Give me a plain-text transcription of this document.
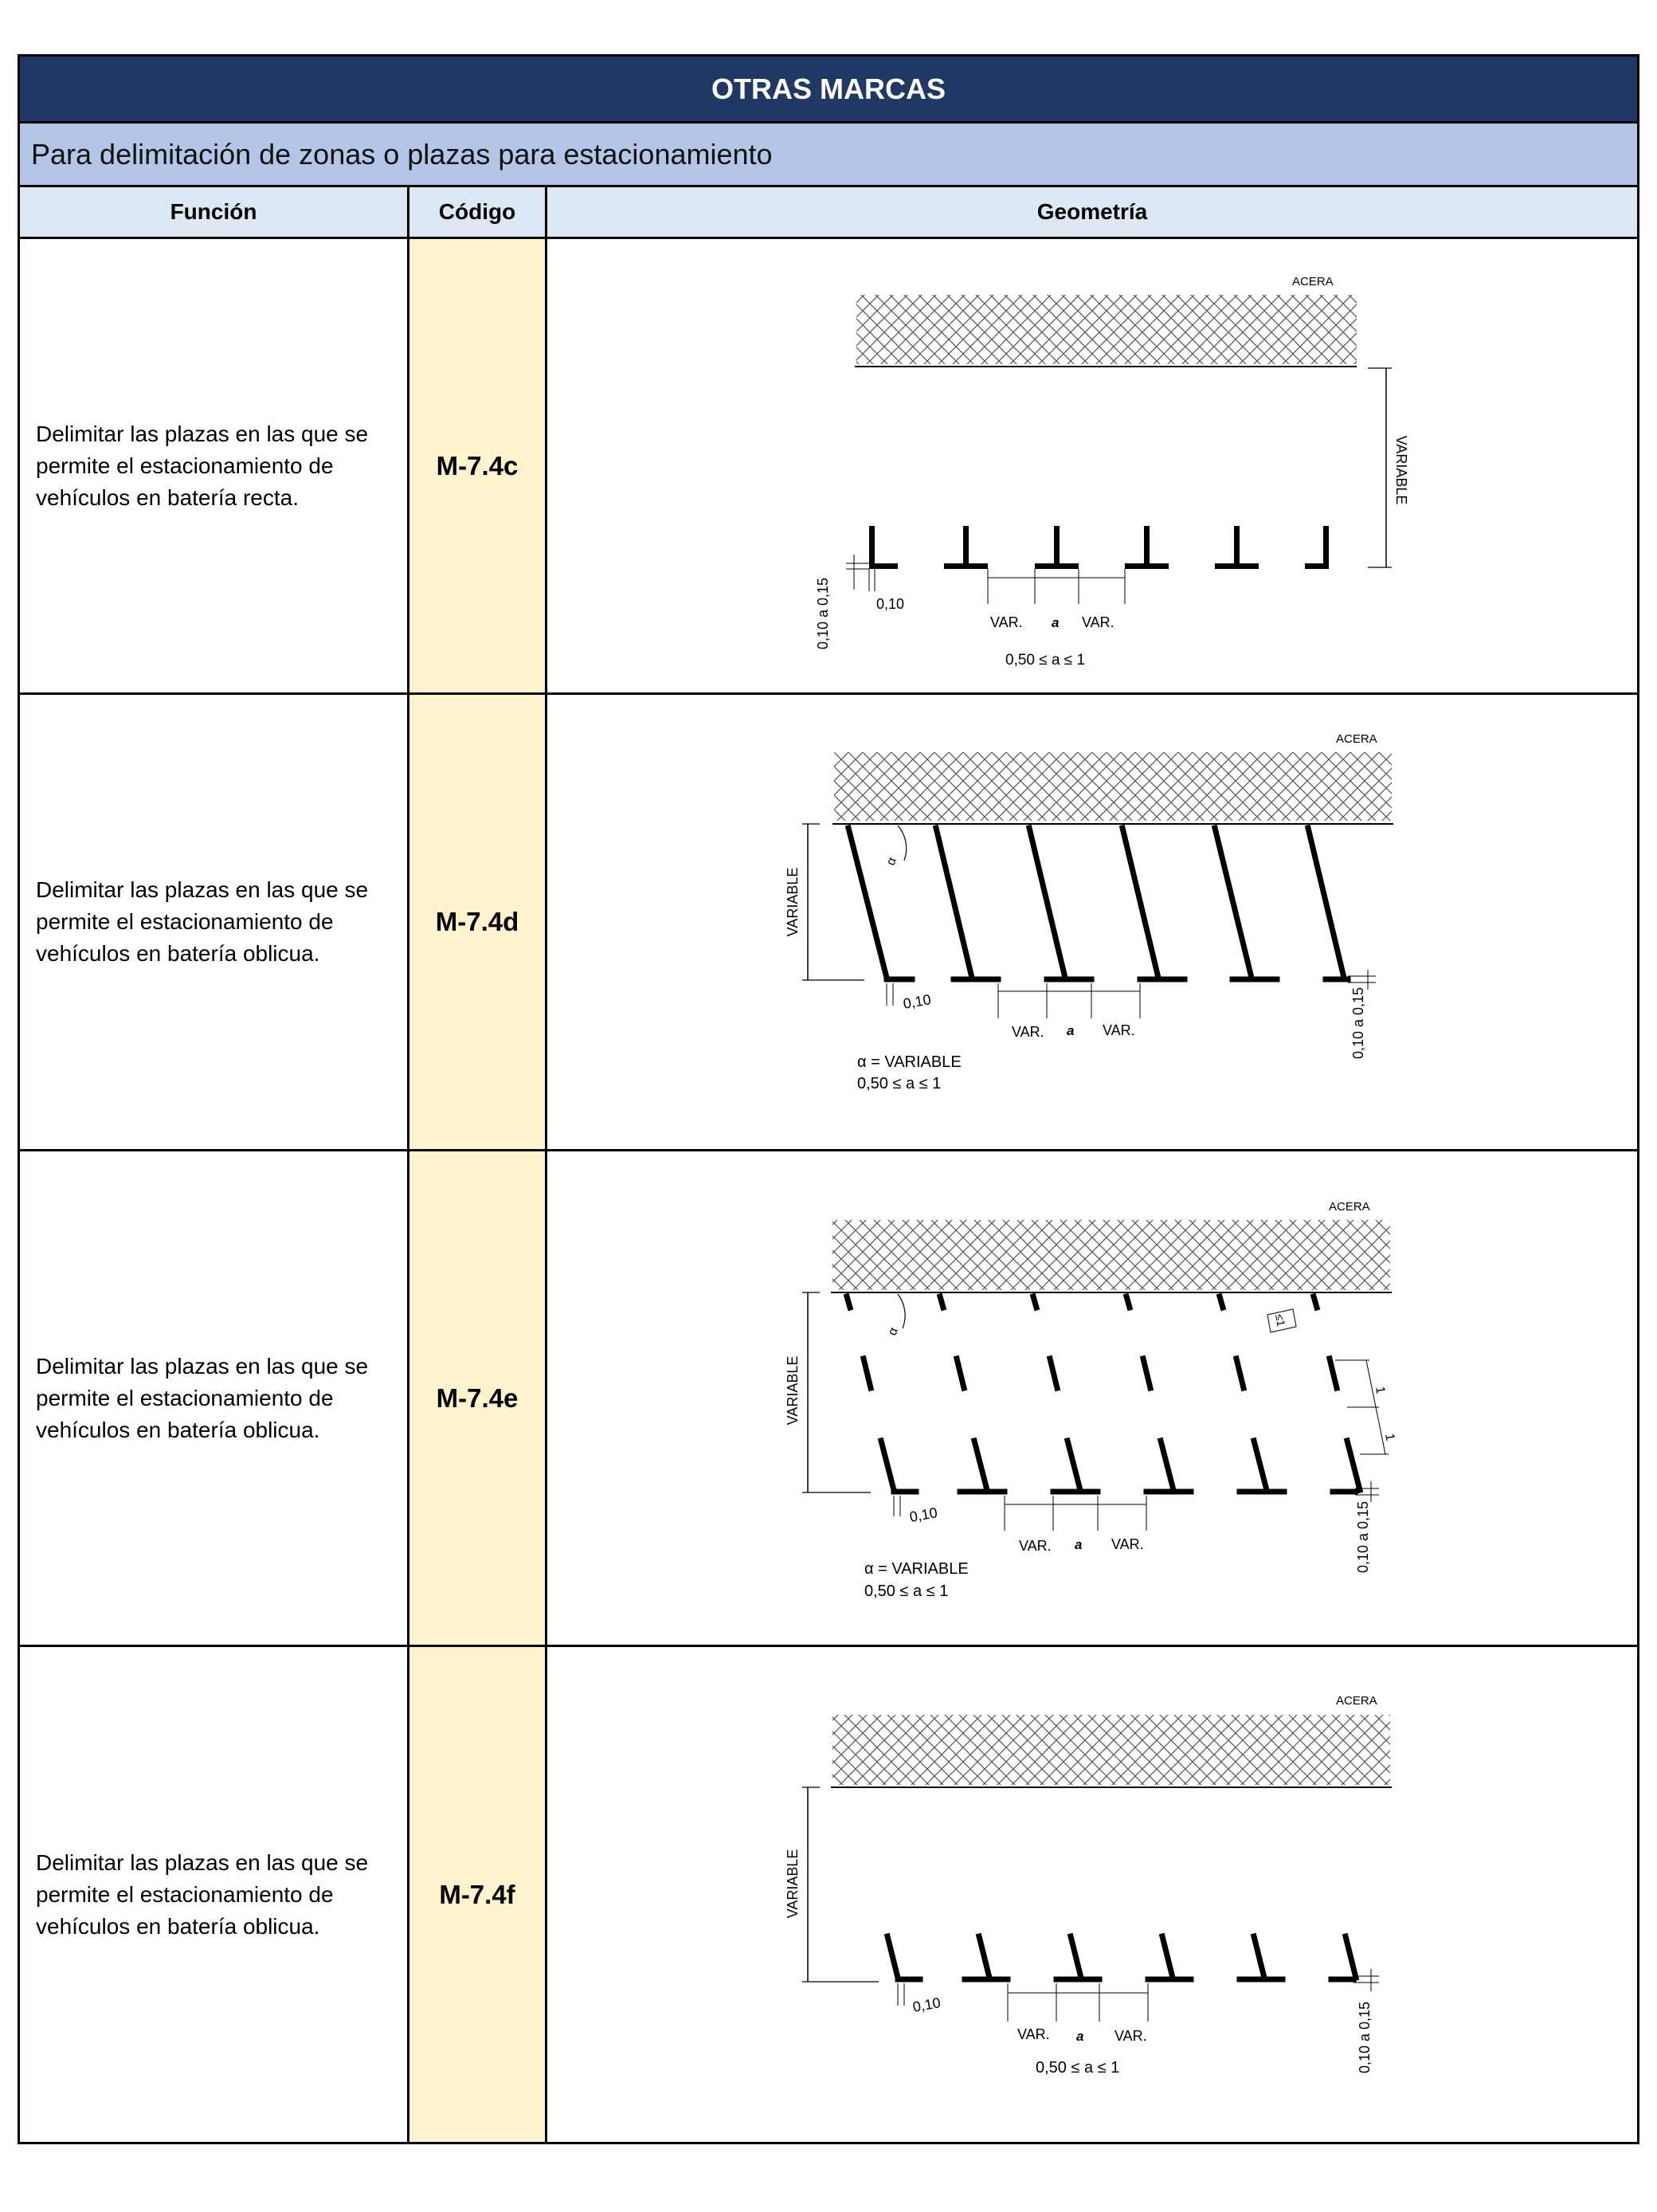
OTRAS MARCAS
Para delimitación de zonas o plazas para estacionamiento
Función	Código	Geometría
Delimitar las plazas en las que se permite el estacionamiento de vehículos en batería recta.
M-7.4c
ACERA
VARIABLE
0,10
0,10 a 0,15	VAR. a VAR.
0,50 ≤ a ≤ 1
Delimitar las plazas en las que se permite el estacionamiento de vehículos en batería oblicua.
M-7.4d
ACERA
VARIABLE
α
0,10	0,10 a 0,15
VAR. a VAR.
α = VARIABLE
0,50 ≤ a ≤ 1
Delimitar las plazas en las que se permite el estacionamiento de vehículos en batería oblicua.
M-7.4e
ACERA
VARIABLE
α
1
1
≤1
0,10	0,10 a 0,15
VAR. a VAR.
α = VARIABLE
0,50 ≤ a ≤ 1
Delimitar las plazas en las que se permite el estacionamiento de vehículos en batería oblicua.
M-7.4f
ACERA
VARIABLE
0,10	0,10 a 0,15
VAR. a VAR.
0,50 ≤ a ≤ 1
